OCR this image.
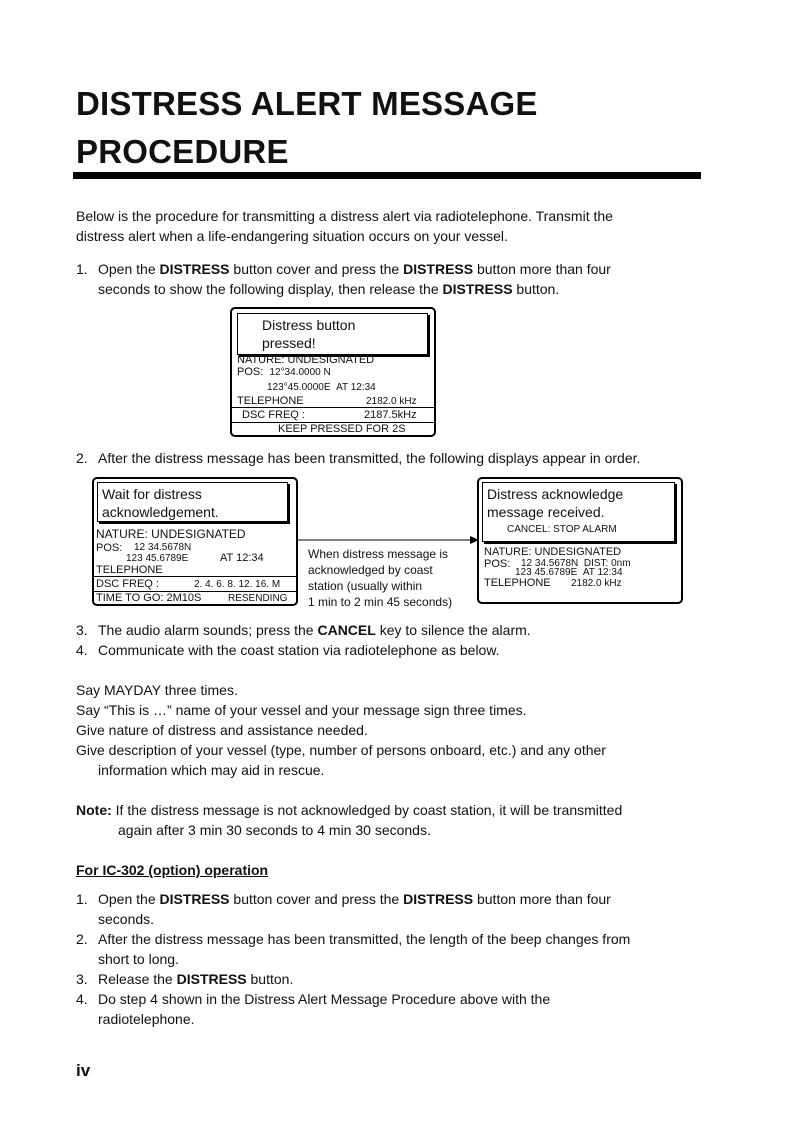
DISTRESS ALERT MESSAGE
PROCEDURE
Below is the procedure for transmitting a distress alert via radiotelephone. Transmit the
distress alert when a life-endangering situation occurs on your vessel.
1. Open the DISTRESS button cover and press the DISTRESS button more than four
seconds to show the following display, then release the DISTRESS button.
Distress button
pressed!
NATURE: UNDESIGNATED
POS: 12°34.0000 N
123°45.0000E AT 12:34
TELEPHONE	2182.0 kHz
DSC FREQ :	2187.5kHz
KEEP PRESSED FOR 2S
2. After the distress message has been transmitted, the following displays appear in order.
Wait for distress
acknowledgement.
NATURE: UNDESIGNATED
POS: 12 34.5678N
123 45.6789E	AT 12:34
TELEPHONE
DSC FREQ :	2. 4. 6. 8. 12. 16. M
TIME TO GO: 2M10S	RESENDING
When distress message is
acknowledged by coast
station (usually within
1 min to 2 min 45 seconds)
Distress acknowledge
message received.
CANCEL: STOP ALARM
NATURE: UNDESIGNATED
POS: 12 34.5678N DIST: 0nm
123 45.6789E AT 12:34
TELEPHONE 2182.0 kHz
3. The audio alarm sounds; press the CANCEL key to silence the alarm.
4. Communicate with the coast station via radiotelephone as below.
Say MAYDAY three times.
Say “This is …” name of your vessel and your message sign three times.
Give nature of distress and assistance needed.
Give description of your vessel (type, number of persons onboard, etc.) and any other
information which may aid in rescue.
Note: If the distress message is not acknowledged by coast station, it will be transmitted
again after 3 min 30 seconds to 4 min 30 seconds.
For IC-302 (option) operation
1. Open the DISTRESS button cover and press the DISTRESS button more than four
seconds.
2. After the distress message has been transmitted, the length of the beep changes from
short to long.
3. Release the DISTRESS button.
4. Do step 4 shown in the Distress Alert Message Procedure above with the
radiotelephone.
iv
